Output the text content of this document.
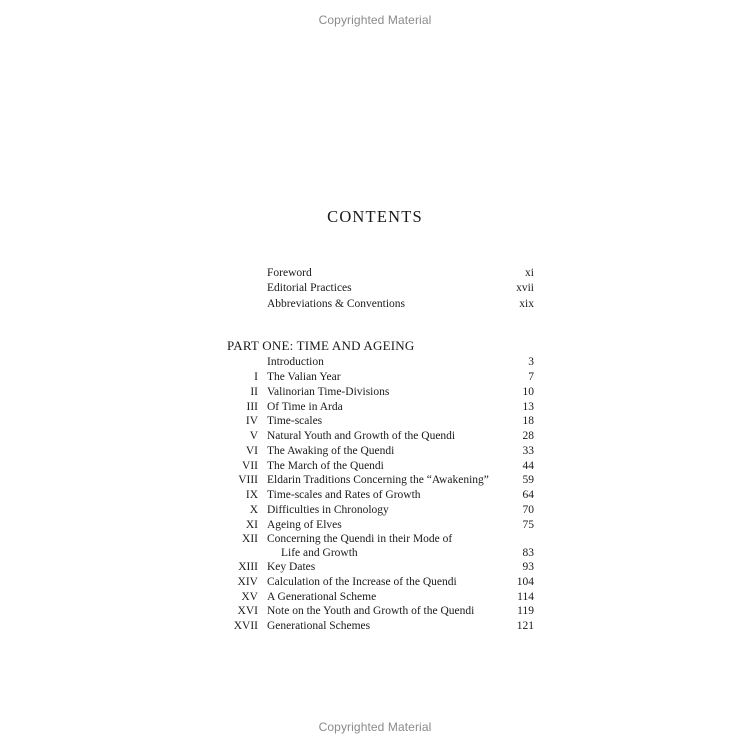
Copyrighted Material
CONTENTS
Foreword	xi
Editorial Practices	xvii
Abbreviations & Conventions	xix
PART ONE: TIME AND AGEING
Introduction	3
I The Valian Year	7
II Valinorian Time-Divisions	10
III Of Time in Arda	13
IV Time-scales	18
V Natural Youth and Growth of the Quendi	28
VI The Awaking of the Quendi	33
VII The March of the Quendi	44
VIII Eldarin Traditions Concerning the “Awakening”	59
IX Time-scales and Rates of Growth	64
X Difficulties in Chronology	70
XI Ageing of Elves	75
XII Concerning the Quendi in their Mode of
Life and Growth	83
XIII Key Dates	93
XIV Calculation of the Increase of the Quendi	104
XV A Generational Scheme	114
XVI Note on the Youth and Growth of the Quendi	119
XVII Generational Schemes	121
Copyrighted Material
